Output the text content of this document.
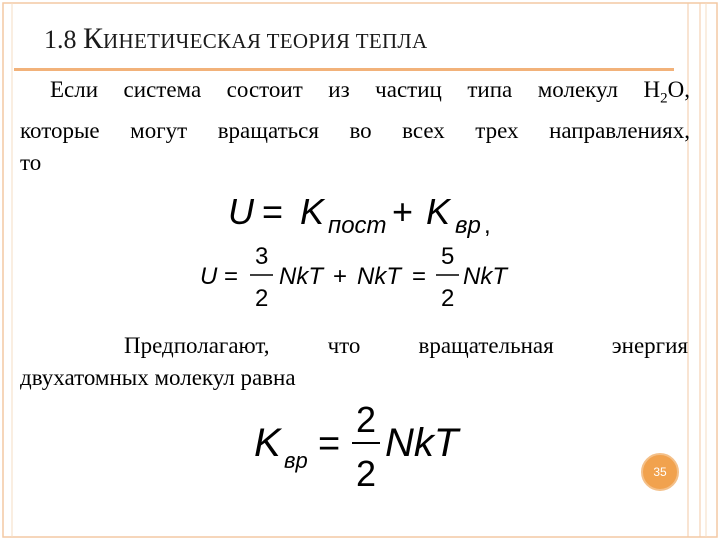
1.8 КИНЕТИЧЕСКАЯ ТЕОРИЯ ТЕПЛА
Если система состоит из частиц типа молекул $Н_2О$,
которые могут вращаться во всех трех направлениях,
то
U = K пост + K вр ,
U =
3
2
NkT + NkT =
5
2
NkT
Предполагают, что вращательная энергия
двухатомных молекул равна
K вр =
2
2
NkT
35
